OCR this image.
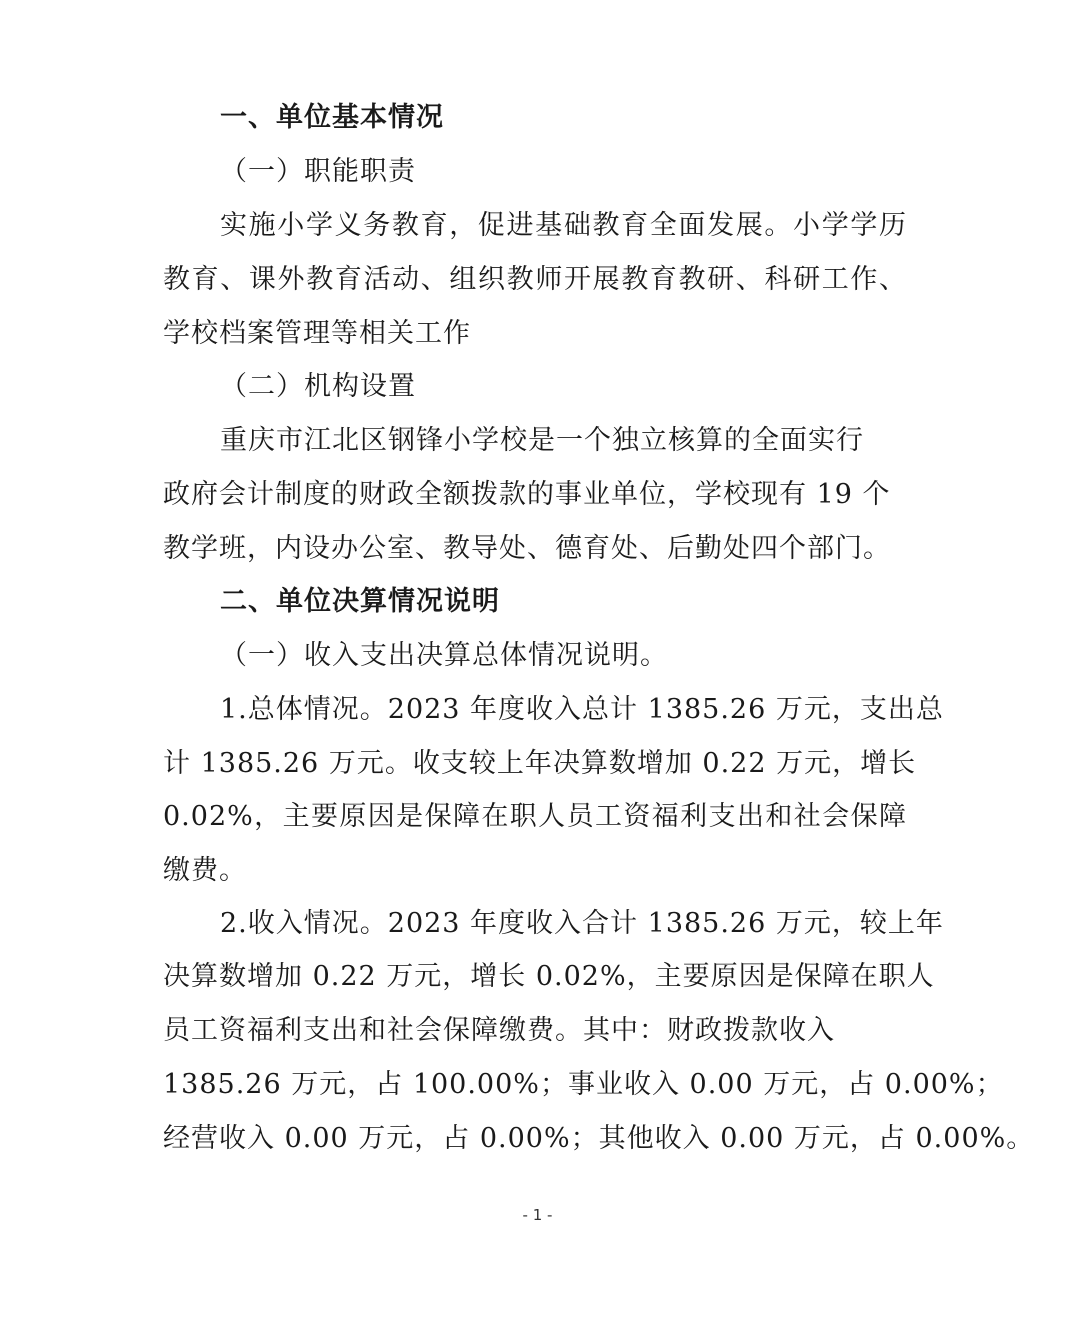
一、单位基本情况
（一）职能职责
实施小学义务教育，促进基础教育全面发展。小学学历
教育、课外教育活动、组织教师开展教育教研、科研工作、
学校档案管理等相关工作
（二）机构设置
重庆市江北区钢锋小学校是一个独立核算的全面实行
政府会计制度的财政全额拨款的事业单位，学校现有 19 个
教学班，内设办公室、教导处、德育处、后勤处四个部门。
二、单位决算情况说明
（一）收入支出决算总体情况说明。
1.总体情况。2023 年度收入总计 1385.26 万元，支出总
计 1385.26 万元。收支较上年决算数增加 0.22 万元，增长
0.02%，主要原因是保障在职人员工资福利支出和社会保障
缴费。
2.收入情况。2023 年度收入合计 1385.26 万元，较上年
决算数增加 0.22 万元，增长 0.02%，主要原因是保障在职人
员工资福利支出和社会保障缴费。其中：财政拨款收入
1385.26 万元，占 100.00%；事业收入 0.00 万元，占 0.00%；
经营收入 0.00 万元，占 0.00%；其他收入 0.00 万元，占 0.00%。
- 1 -
